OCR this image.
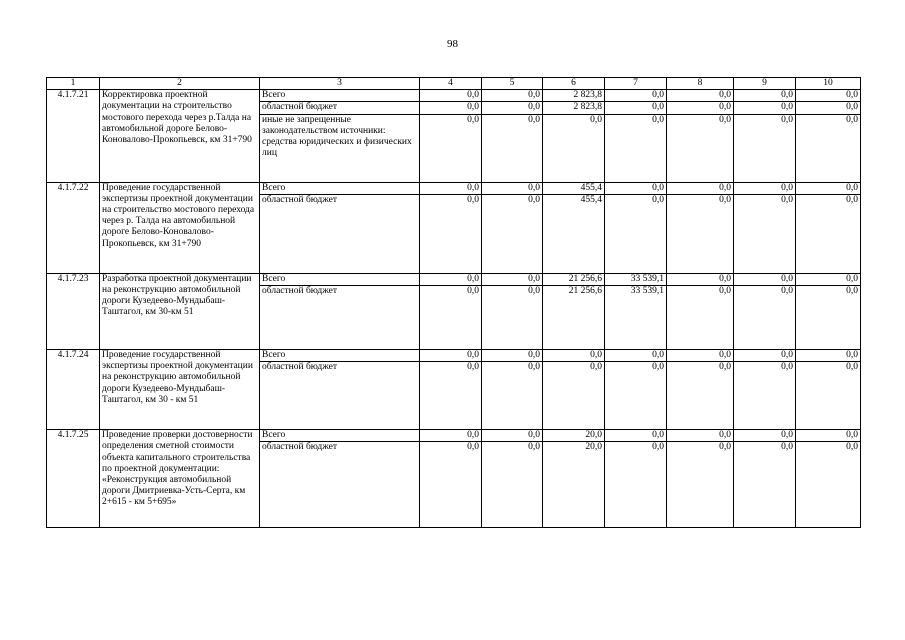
98
1	2	3	4	5	6	7	8	9	10
4.1.7.21	Корректировка проектной документации на строительство мостового перехода через р.Талда на автомобильной дороге Белово-Коновалово-Прокопьевск, км 31+790	Всего	0,0	0,0	2 823,8	0,0	0,0	0,0	0,0
		областной бюджет	0,0	0,0	2 823,8	0,0	0,0	0,0	0,0
		иные не запрещенные законодательством источники: средства юридических и физических лиц	0,0	0,0	0,0	0,0	0,0	0,0	0,0
4.1.7.22	Проведение государственной экспертизы проектной документации на строительство мостового перехода через р. Талда на автомобильной дороге Белово-Коновалово-Прокопьевск, км 31+790	Всего	0,0	0,0	455,4	0,0	0,0	0,0	0,0
		областной бюджет	0,0	0,0	455,4	0,0	0,0	0,0	0,0
4.1.7.23	Разработка проектной документации на реконструкцию автомобильной дороги Кузедеево-Мундыбаш-Таштагол, км 30-км 51	Всего	0,0	0,0	21 256,6	33 539,1	0,0	0,0	0,0
		областной бюджет	0,0	0,0	21 256,6	33 539,1	0,0	0,0	0,0
4.1.7.24	Проведение государственной экспертизы проектной документации на реконструкцию автомобильной дороги Кузедеево-Мундыбаш-Таштагол, км 30 - км 51	Всего	0,0	0,0	0,0	0,0	0,0	0,0	0,0
		областной бюджет	0,0	0,0	0,0	0,0	0,0	0,0	0,0
4.1.7.25	Проведение проверки достоверности определения сметной стоимости объекта капитального строительства по проектной документации: «Реконструкция автомобильной дороги Дмитриевка-Усть-Серта, км 2+615 - км 5+695»	Всего	0,0	0,0	20,0	0,0	0,0	0,0	0,0
		областной бюджет	0,0	0,0	20,0	0,0	0,0	0,0	0,0
